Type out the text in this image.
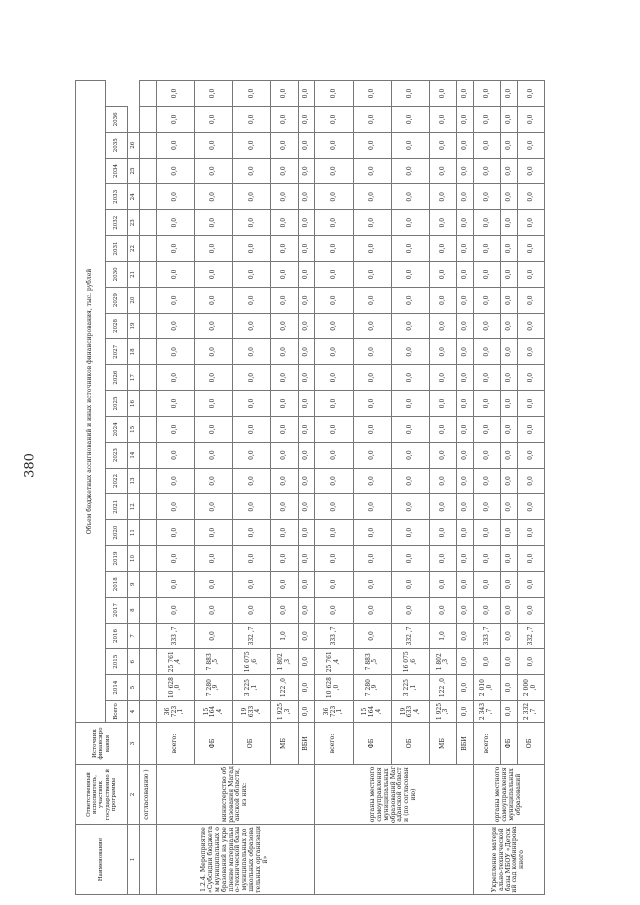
380
Наименование	Ответственный исполнитель, участник государственно й программы	Источник финансиро вания	Объем бюджетных ассигнований и иных источников финансирования, тыс. рублей																								
			Всего	2014	2015	2016	2017	2018	2019	2020	2021	2022	2023	2024	2025	2026	2027	2028	2029	2030	2031	2032	2033	2034	2035	2036	
1	2	3	4	5	6	7	8	9	10	11	12	13	14	15	16	17	18	19	20	21	22	23	24	25	26		
	согласованию )																										
1.2.4. Мероприятие «Субсидии бюджетам муниципальных образований на укрепление материально-технической базы муниципальных дошкольных образовательных организаций»	министерство образования Магаданской области, из них:	всего:	36 723 ,1	10 628 ,0	25 761 ,4	333 ,7	0,0	0,0	0,0	0,0	0,0	0,0	0,0	0,0	0,0	0,0	0,0	0,0	0,0	0,0	0,0	0,0	0,0	0,0	0,0	0,0	0,0
		ФБ	15 164 ,4	7 280 ,9	7 883 ,5	0,0	0,0	0,0	0,0	0,0	0,0	0,0	0,0	0,0	0,0	0,0	0,0	0,0	0,0	0,0	0,0	0,0	0,0	0,0	0,0	0,0	0,0
		ОБ	19 633 ,4	3 225 ,1	16 075 ,6	332 ,7	0,0	0,0	0,0	0,0	0,0	0,0	0,0	0,0	0,0	0,0	0,0	0,0	0,0	0,0	0,0	0,0	0,0	0,0	0,0	0,0	0,0
		МБ	1 925 ,3	122 ,0	1 802 ,3	1,0	0,0	0,0	0,0	0,0	0,0	0,0	0,0	0,0	0,0	0,0	0,0	0,0	0,0	0,0	0,0	0,0	0,0	0,0	0,0	0,0	0,0
		ВБИ	0,0	0,0	0,0	0,0	0,0	0,0	0,0	0,0	0,0	0,0	0,0	0,0	0,0	0,0	0,0	0,0	0,0	0,0	0,0	0,0	0,0	0,0	0,0	0,0	0,0
	органы местного самоуправления муниципальных образований Магаданской области (по согласованию)	всего:	36 723 ,1	10 628 ,0	25 761 ,4	333 ,7	0,0	0,0	0,0	0,0	0,0	0,0	0,0	0,0	0,0	0,0	0,0	0,0	0,0	0,0	0,0	0,0	0,0	0,0	0,0	0,0	0,0
		ФБ	15 164 ,4	7 280 ,9	7 883 ,5	0,0	0,0	0,0	0,0	0,0	0,0	0,0	0,0	0,0	0,0	0,0	0,0	0,0	0,0	0,0	0,0	0,0	0,0	0,0	0,0	0,0	0,0
		ОБ	19 633 ,4	3 225 ,1	16 075 ,6	332 ,7	0,0	0,0	0,0	0,0	0,0	0,0	0,0	0,0	0,0	0,0	0,0	0,0	0,0	0,0	0,0	0,0	0,0	0,0	0,0	0,0	0,0
		МБ	1 925 ,3	122 ,0	1 802 ,3	1,0	0,0	0,0	0,0	0,0	0,0	0,0	0,0	0,0	0,0	0,0	0,0	0,0	0,0	0,0	0,0	0,0	0,0	0,0	0,0	0,0	0,0
		ВБИ	0,0	0,0	0,0	0,0	0,0	0,0	0,0	0,0	0,0	0,0	0,0	0,0	0,0	0,0	0,0	0,0	0,0	0,0	0,0	0,0	0,0	0,0	0,0	0,0	0,0
Укрепление материально-технической базы МБОУ «Детский сад комбинированного	органы местного самоуправления муниципальных образований	всего:	2 343 ,7	2 010 ,0	0,0	333 ,7	0,0	0,0	0,0	0,0	0,0	0,0	0,0	0,0	0,0	0,0	0,0	0,0	0,0	0,0	0,0	0,0	0,0	0,0	0,0	0,0	0,0
		ФБ	0,0	0,0	0,0	0,0	0,0	0,0	0,0	0,0	0,0	0,0	0,0	0,0	0,0	0,0	0,0	0,0	0,0	0,0	0,0	0,0	0,0	0,0	0,0	0,0	0,0
		ОБ	2 332 ,7	2 000 ,0	0,0	332 ,7	0,0	0,0	0,0	0,0	0,0	0,0	0,0	0,0	0,0	0,0	0,0	0,0	0,0	0,0	0,0	0,0	0,0	0,0	0,0	0,0	0,0
